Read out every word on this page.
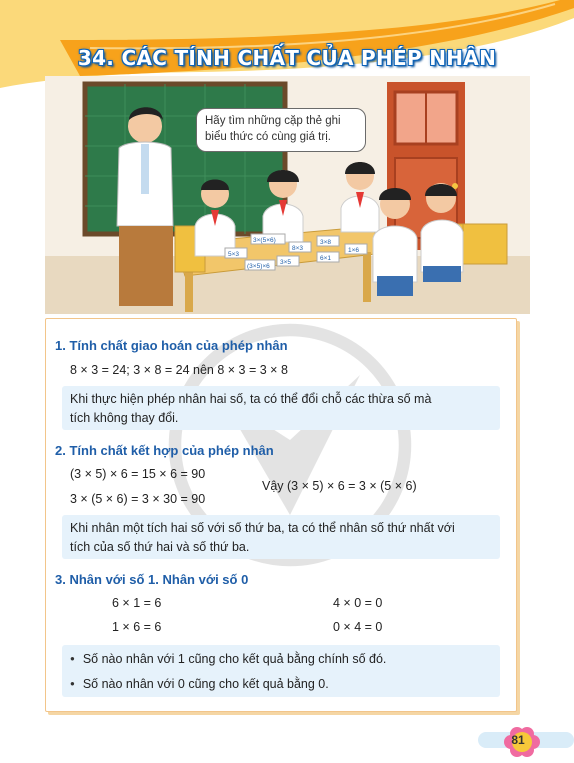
34. CÁC TÍNH CHẤT CỦA PHÉP NHÂN
3×(5×6)	3×8
8×3
5×3
6×1
3×5
(3×5)×6
1×6
Hãy tìm những cặp thẻ ghi
biểu thức có cùng giá trị.
1. Tính chất giao hoán của phép nhân
8 × 3 = 24; 3 × 8 = 24 nên 8 × 3 = 3 × 8
Khi thực hiện phép nhân hai số, ta có thể đổi chỗ các thừa số mà
tích không thay đổi.
2. Tính chất kết hợp của phép nhân
(3 × 5) × 6 = 15 × 6 = 90
3 × (5 × 6) = 3 × 30 = 90
Vậy (3 × 5) × 6 = 3 × (5 × 6)
Khi nhân một tích hai số với số thứ ba, ta có thể nhân số thứ nhất với
tích của số thứ hai và số thứ ba.
3. Nhân với số 1. Nhân với số 0
6 × 1 = 6
1 × 6 = 6
4 × 0 = 0
0 × 4 = 0
● Số nào nhân với 1 cũng cho kết quả bằng chính số đó.
● Số nào nhân với 0 cũng cho kết quả bằng 0.
81
